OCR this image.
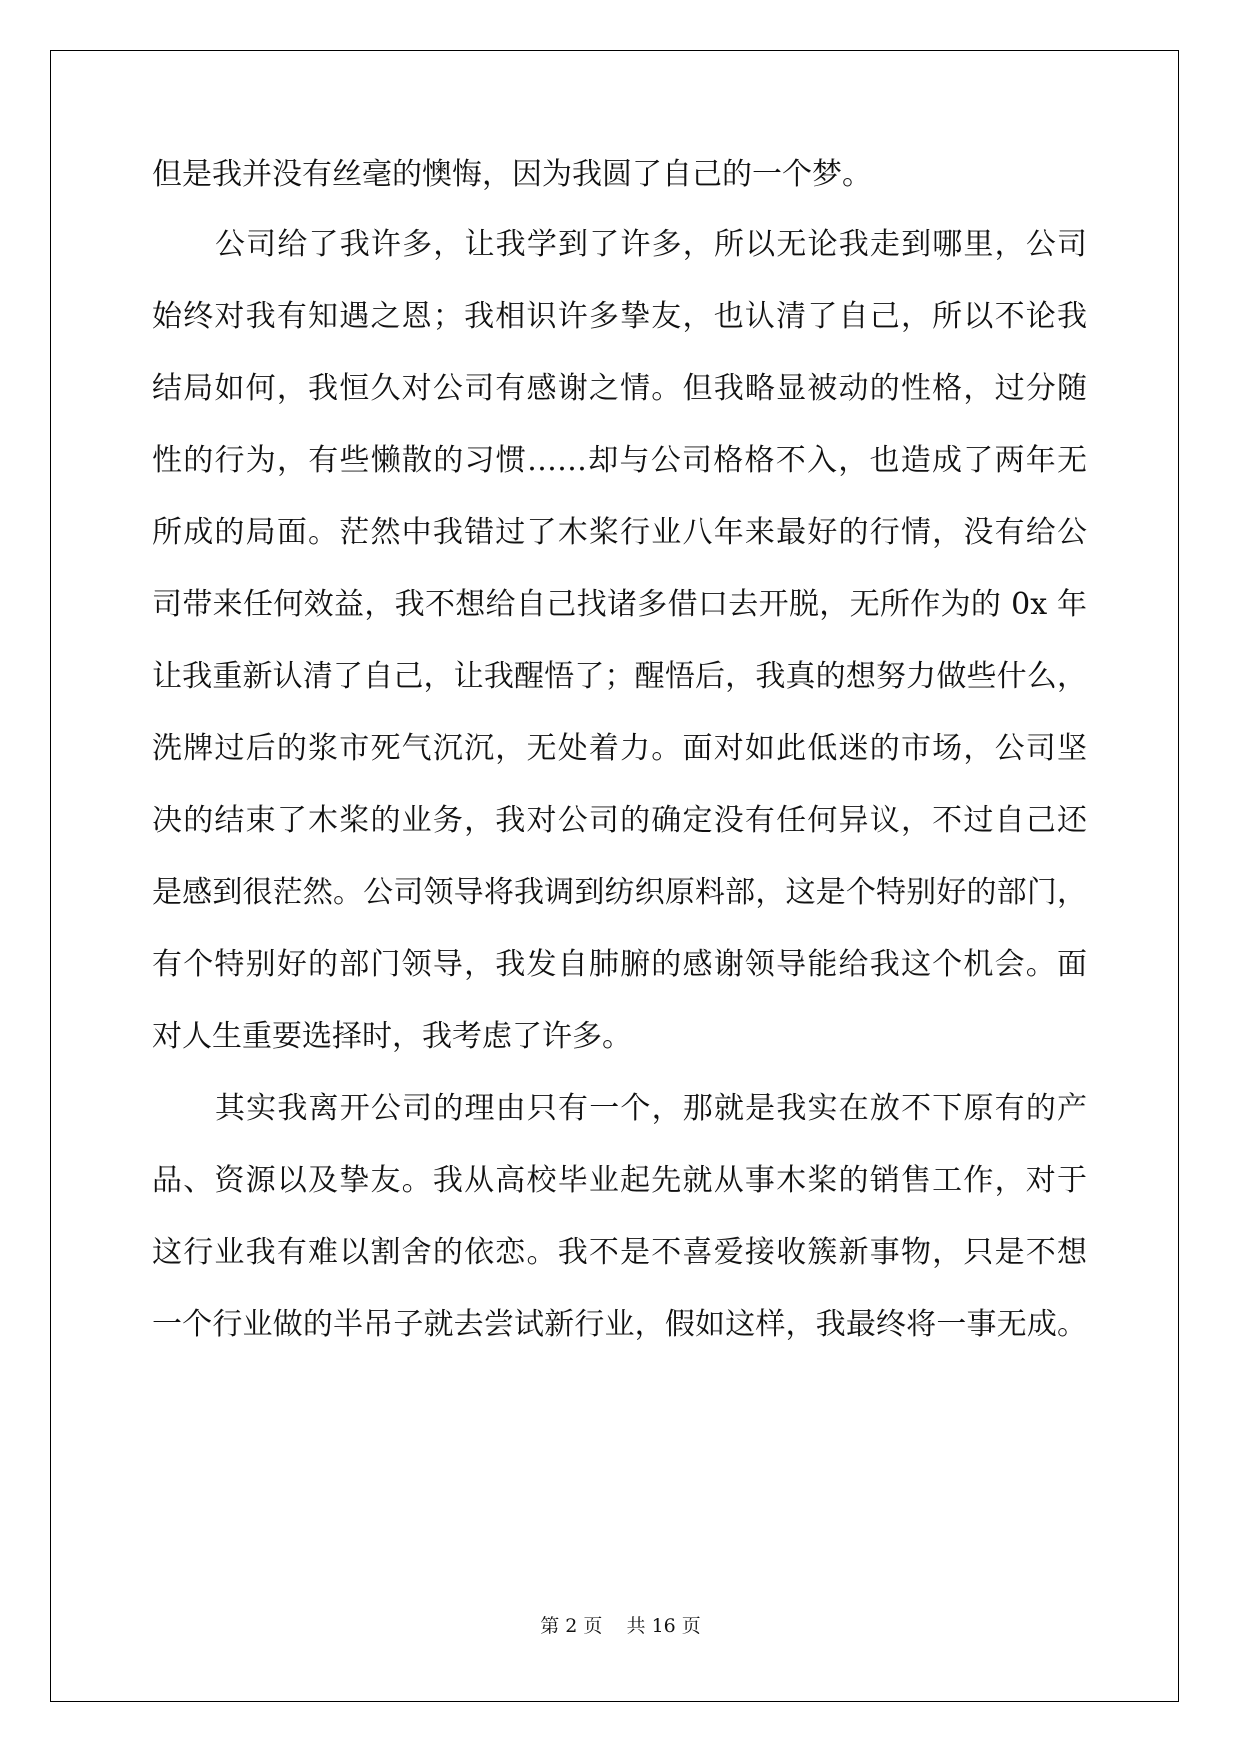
但是我并没有丝毫的懊悔，因为我圆了自己的一个梦。
公司给了我许多，让我学到了许多，所以无论我走到哪里，公司
始终对我有知遇之恩；我相识许多挚友，也认清了自己，所以不论我
结局如何，我恒久对公司有感谢之情。但我略显被动的性格，过分随
性的行为，有些懒散的习惯……却与公司格格不入，也造成了两年无
所成的局面。茫然中我错过了木桨行业八年来最好的行情，没有给公
司带来任何效益，我不想给自己找诸多借口去开脱，无所作为的 0x 年
让我重新认清了自己，让我醒悟了；醒悟后，我真的想努力做些什么，
洗牌过后的浆市死气沉沉，无处着力。面对如此低迷的市场，公司坚
决的结束了木桨的业务，我对公司的确定没有任何异议，不过自己还
是感到很茫然。公司领导将我调到纺织原料部，这是个特别好的部门，
有个特别好的部门领导，我发自肺腑的感谢领导能给我这个机会。面
对人生重要选择时，我考虑了许多。
其实我离开公司的理由只有一个，那就是我实在放不下原有的产
品、资源以及挚友。我从高校毕业起先就从事木桨的销售工作，对于
这行业我有难以割舍的依恋。我不是不喜爱接收簇新事物，只是不想
一个行业做的半吊子就去尝试新行业，假如这样，我最终将一事无成。
第 2 页    共 16 页
